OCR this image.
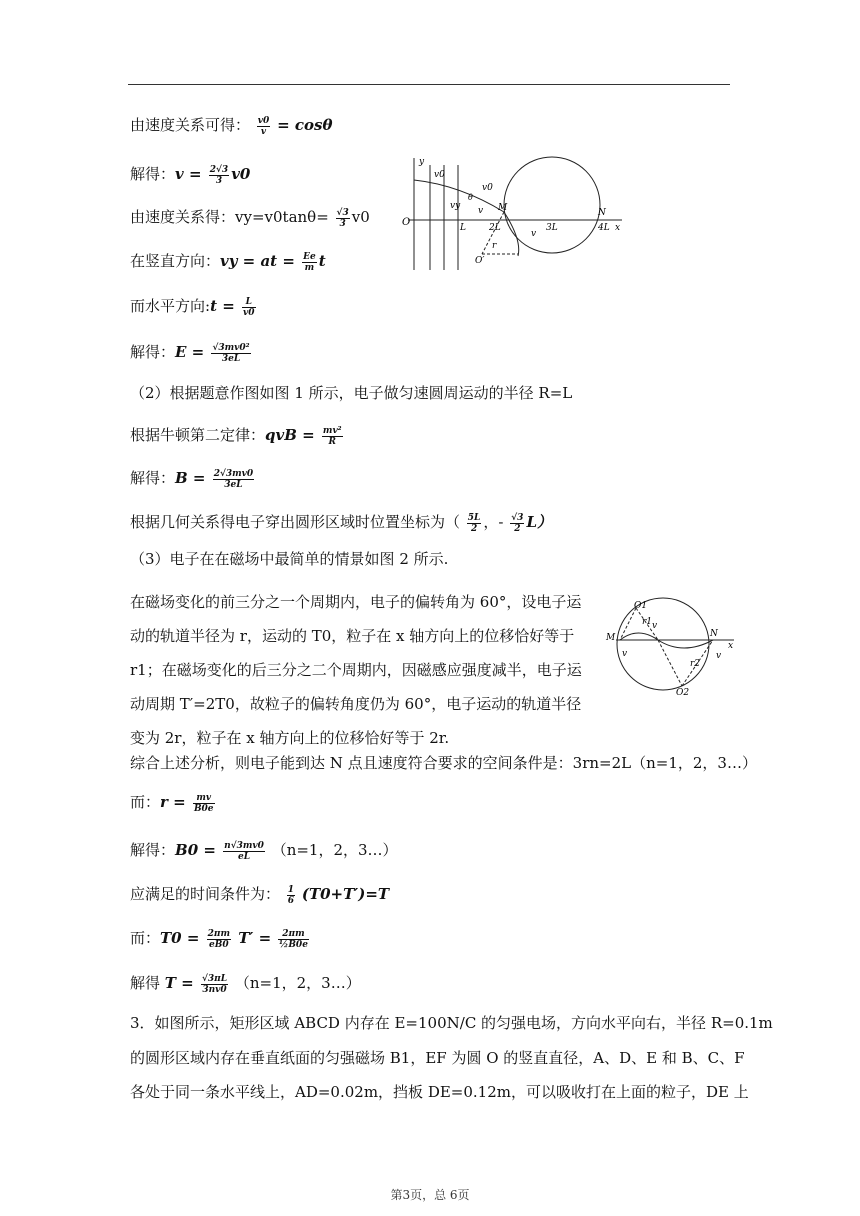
由速度关系可得： $\frac{v0}{v} = \cos\theta$
解得：$v = \frac{2√3}{3} v0$
由速度关系得：$vy=v0\tan\theta= \frac{√3}{3} v0$
在竖直方向：vy = at = $\frac{Ee}{m}$ t
而水平方向:t = $\frac{L}{v0}$
解得：$E = \frac{\text{√3mv0²}}{3eL}$
（2）根据题意作图如图 1 所示，电子做匀速圆周运动的半径 R=L
根据牛顿第二定律：qvB = $\frac{\text{mv²}}{R}$
解得：$B = \frac{2√3mv0}{3eL}$
根据几何关系得电子穿出圆形区域时位置坐标为（ $\frac{5L}{2}$ ，- $\frac{√3}{2} L$）
（3）电子在在磁场中最简单的情景如图 2 所示.
在磁场变化的前三分之一个周期内，电子的偏转角为 60°，设电子运动的轨道半径为 r，运动的 T0，粒子在 x 轴方向上的位移恰好等于 r1；在磁场变化的后三分之二个周期内，因磁感应强度减半，电子运动周期 T′=2T0，故粒子的偏转角度仍为 60°，电子运动的轨道半径变为 2r，粒子在 x 轴方向上的位移恰好等于 2r.
综合上述分析，则电子能到达 N 点且速度符合要求的空间条件是：3rn=2L（n=1，2，3…）
而：$r = \frac{mv}{B0e}$
解得：$B0 = \frac{n√3mv0}{eL} (n=1$，2，3…）
应满足的时间条件为： $\frac{1}{6} (T0+T')=T$
而：$T0 = \frac{2\pi m}{eB0} T' = \frac{2\pi m}{\text{½B0e}}$
解得 $T = \frac{√3\pi L}{3nv0} (n=1$，2，3…）
3．如图所示，矩形区域 ABCD 内存在 E=100N/C 的匀强电场，方向水平向右，半径 R=0.1m
的圆形区域内存在垂直纸面的匀强磁场 B1，EF 为圆 O 的竖直直径，A、D、E 和 B、C、F
各处于同一条水平线上，AD=0.02m，挡板 DE=0.12m，可以吸收打在上面的粒子，DE 上
y
v0
vy
v0
v
θ
O	L
M
2L	3L
N
4L x
v
r
O′
O1
r1 v
M	N
x
v	v
r2
O2
第3页，总 6页
